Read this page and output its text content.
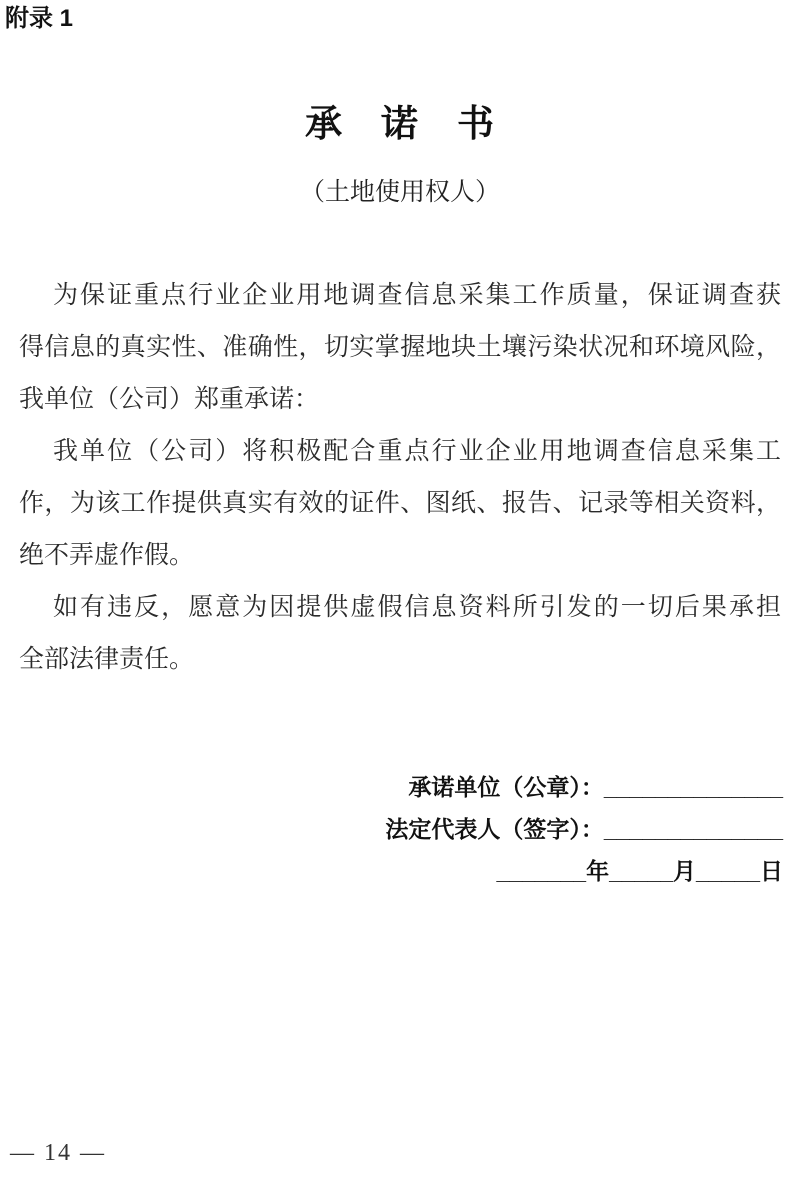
附录 1
承　诺　书
（土地使用权人）
为保证重点行业企业用地调查信息采集工作质量，保证调查获
得信息的真实性、准确性，切实掌握地块土壤污染状况和环境风险，
我单位（公司）郑重承诺：
我单位（公司）将积极配合重点行业企业用地调查信息采集工
作，为该工作提供真实有效的证件、图纸、报告、记录等相关资料，
绝不弄虚作假。
如有违反，愿意为因提供虚假信息资料所引发的一切后果承担
全部法律责任。
承诺单位（公章）：______________
法定代表人（签字）：______________
_______年_____月_____日
— 14 —
